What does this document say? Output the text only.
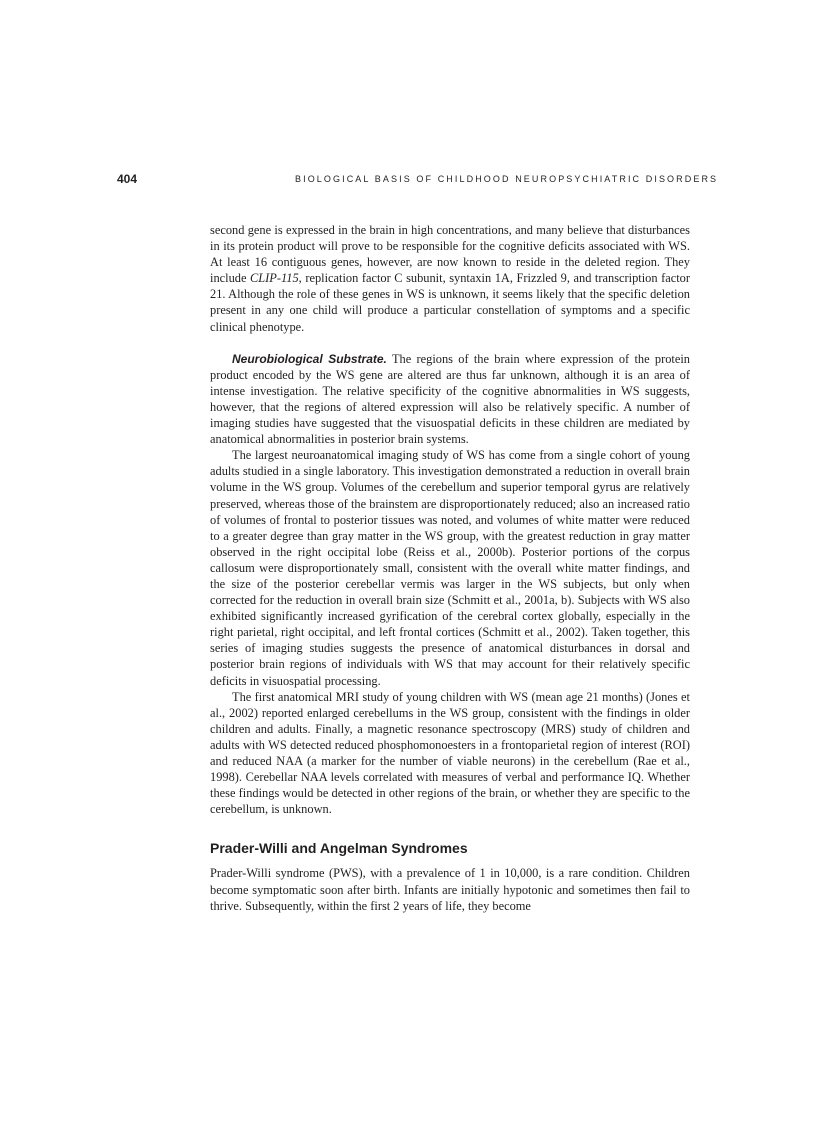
404	BIOLOGICAL BASIS OF CHILDHOOD NEUROPSYCHIATRIC DISORDERS

second gene is expressed in the brain in high concentrations, and many believe that disturbances in its protein product will prove to be responsible for the cognitive deficits associated with WS. At least 16 contiguous genes, however, are now known to reside in the deleted region. They include CLIP-115, replication factor C subunit, syntaxin 1A, Frizzled 9, and transcription factor 21. Although the role of these genes in WS is unknown, it seems likely that the specific deletion present in any one child will produce a particular constellation of symptoms and a specific clinical phenotype.

Neurobiological Substrate. The regions of the brain where expression of the protein product encoded by the WS gene are altered are thus far unknown, although it is an area of intense investigation. The relative specificity of the cognitive abnormalities in WS suggests, however, that the regions of altered expression will also be relatively specific. A number of imaging studies have suggested that the visuospatial deficits in these children are mediated by anatomical abnormalities in posterior brain systems.

The largest neuroanatomical imaging study of WS has come from a single cohort of young adults studied in a single laboratory. This investigation demonstrated a reduction in overall brain volume in the WS group. Volumes of the cerebellum and superior temporal gyrus are relatively preserved, whereas those of the brainstem are disproportionately reduced; also an increased ratio of volumes of frontal to posterior tissues was noted, and volumes of white matter were reduced to a greater degree than gray matter in the WS group, with the greatest reduction in gray matter observed in the right occipital lobe (Reiss et al., 2000b). Posterior portions of the corpus callosum were disproportionately small, consistent with the overall white matter findings, and the size of the posterior cerebellar vermis was larger in the WS subjects, but only when corrected for the reduction in overall brain size (Schmitt et al., 2001a, b). Subjects with WS also exhibited significantly increased gyrification of the cerebral cortex globally, especially in the right parietal, right occipital, and left frontal cortices (Schmitt et al., 2002). Taken together, this series of imaging studies suggests the presence of anatomical disturbances in dorsal and posterior brain regions of individuals with WS that may account for their relatively specific deficits in visuospatial processing.

The first anatomical MRI study of young children with WS (mean age 21 months) (Jones et al., 2002) reported enlarged cerebellums in the WS group, consistent with the findings in older children and adults. Finally, a magnetic resonance spectroscopy (MRS) study of children and adults with WS detected reduced phosphomonoesters in a frontoparietal region of interest (ROI) and reduced NAA (a marker for the number of viable neurons) in the cerebellum (Rae et al., 1998). Cerebellar NAA levels correlated with measures of verbal and performance IQ. Whether these findings would be detected in other regions of the brain, or whether they are specific to the cerebellum, is unknown.

Prader-Willi and Angelman Syndromes

Prader-Willi syndrome (PWS), with a prevalence of 1 in 10,000, is a rare condition. Children become symptomatic soon after birth. Infants are initially hypotonic and sometimes then fail to thrive. Subsequently, within the first 2 years of life, they become
